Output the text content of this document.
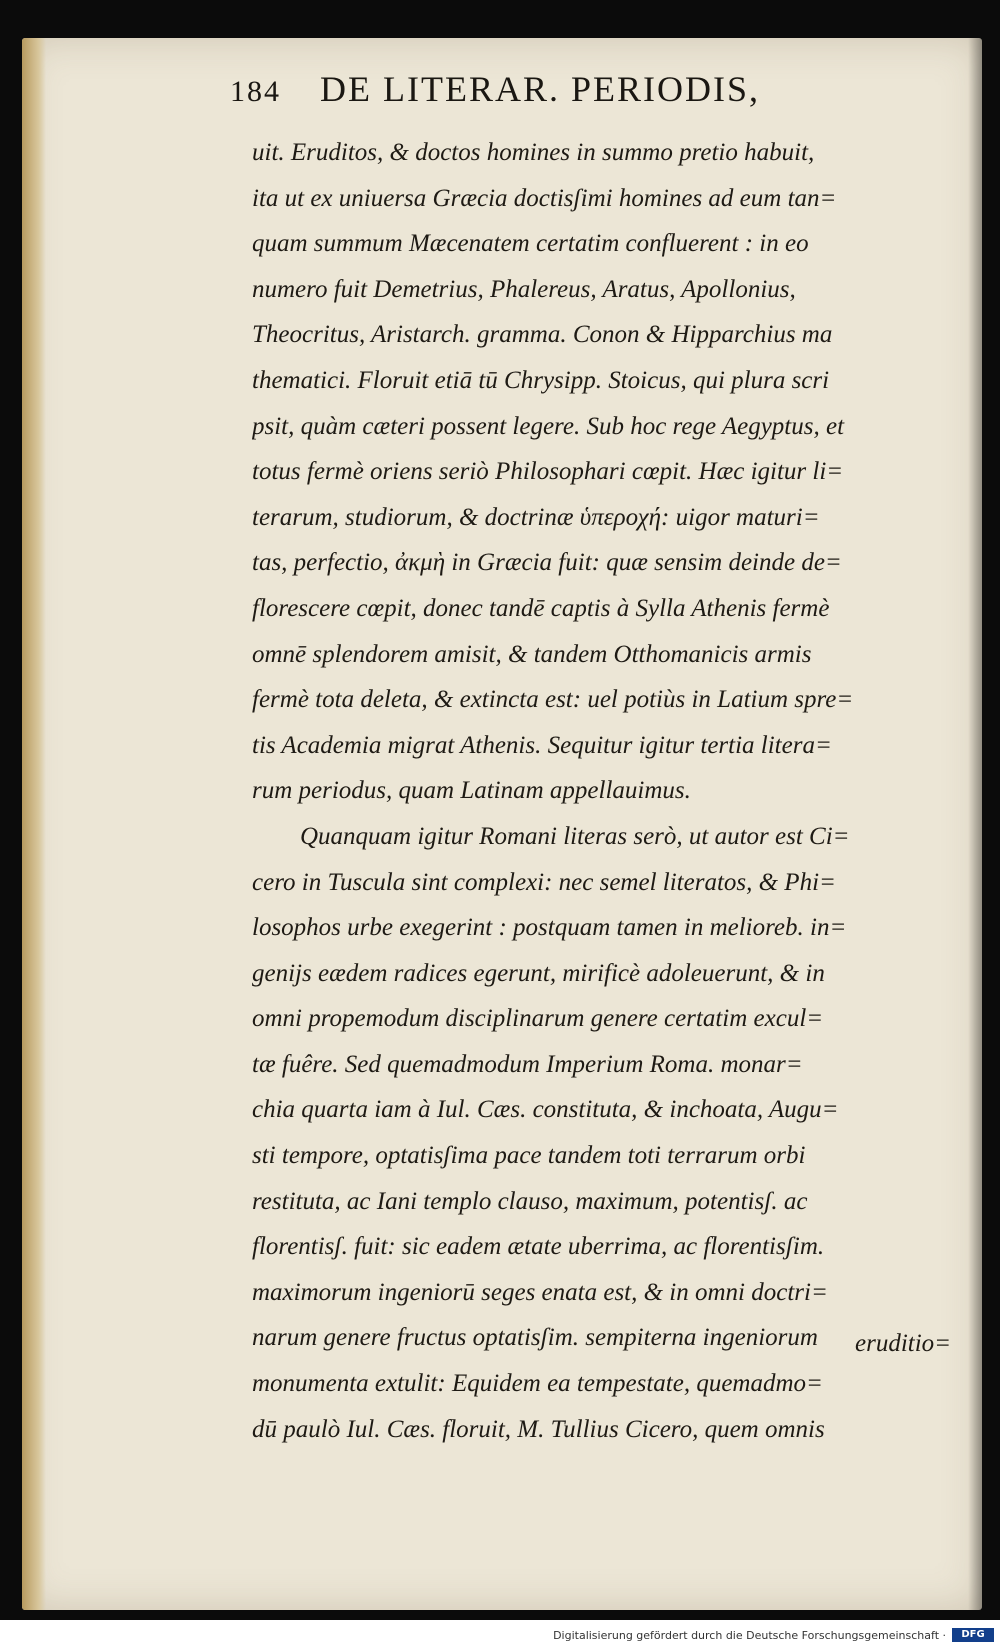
184 DE LITERAR. PERIODIS,
uit. Eruditos, & doctos homines in summo pretio habuit,
ita ut ex uniuersa Græcia doctisʃimi homines ad eum tan=
quam summum Mæcenatem certatim confluerent : in eo
numero fuit Demetrius, Phalereus, Aratus, Apollonius,
Theocritus, Aristarch. gramma. Conon & Hipparchius ma
thematici. Floruit etiā tū Chrysipp. Stoicus, qui plura scri
psit, quàm cæteri possent legere. Sub hoc rege Aegyptus, et
totus fermè oriens seriò Philosophari cœpit. Hæc igitur li=
terarum, studiorum, & doctrinæ ὑπεροχή: uigor maturi=
tas, perfectio, ἀκμὴ in Græcia fuit: quæ sensim deinde de=
florescere cœpit, donec tandē captis à Sylla Athenis fermè
omnē splendorem amisit, & tandem Otthomanicis armis
fermè tota deleta, & extincta est: uel potiùs in Latium spre=
tis Academia migrat Athenis. Sequitur igitur tertia litera=
rum periodus, quam Latinam appellauimus.
Quanquam igitur Romani literas serò, ut autor est Ci=
cero in Tuscula sint complexi: nec semel literatos, & Phi=
losophos urbe exegerint : postquam tamen in melioreb. in=
genijs eædem radices egerunt, mirificè adoleuerunt, & in
omni propemodum disciplinarum genere certatim excul=
tæ fuêre. Sed quemadmodum Imperium Roma. monar=
chia quarta iam à Iul. Cæs. constituta, & inchoata, Augu=
sti tempore, optatisʃima pace tandem toti terrarum orbi
restituta, ac Iani templo clauso, maximum, potentisʃ. ac
florentisʃ. fuit: sic eadem ætate uberrima, ac florentisʃim.
maximorum ingeniorū seges enata est, & in omni doctri=
narum genere fructus optatisʃim. sempiterna ingeniorum
monumenta extulit: Equidem ea tempestate, quemadmo=
dū paulò Iul. Cæs. floruit, M. Tullius Cicero, quem omnis
eruditio=
Digitalisierung gefördert durch die Deutsche Forschungsgemeinschaft ·	DFG
